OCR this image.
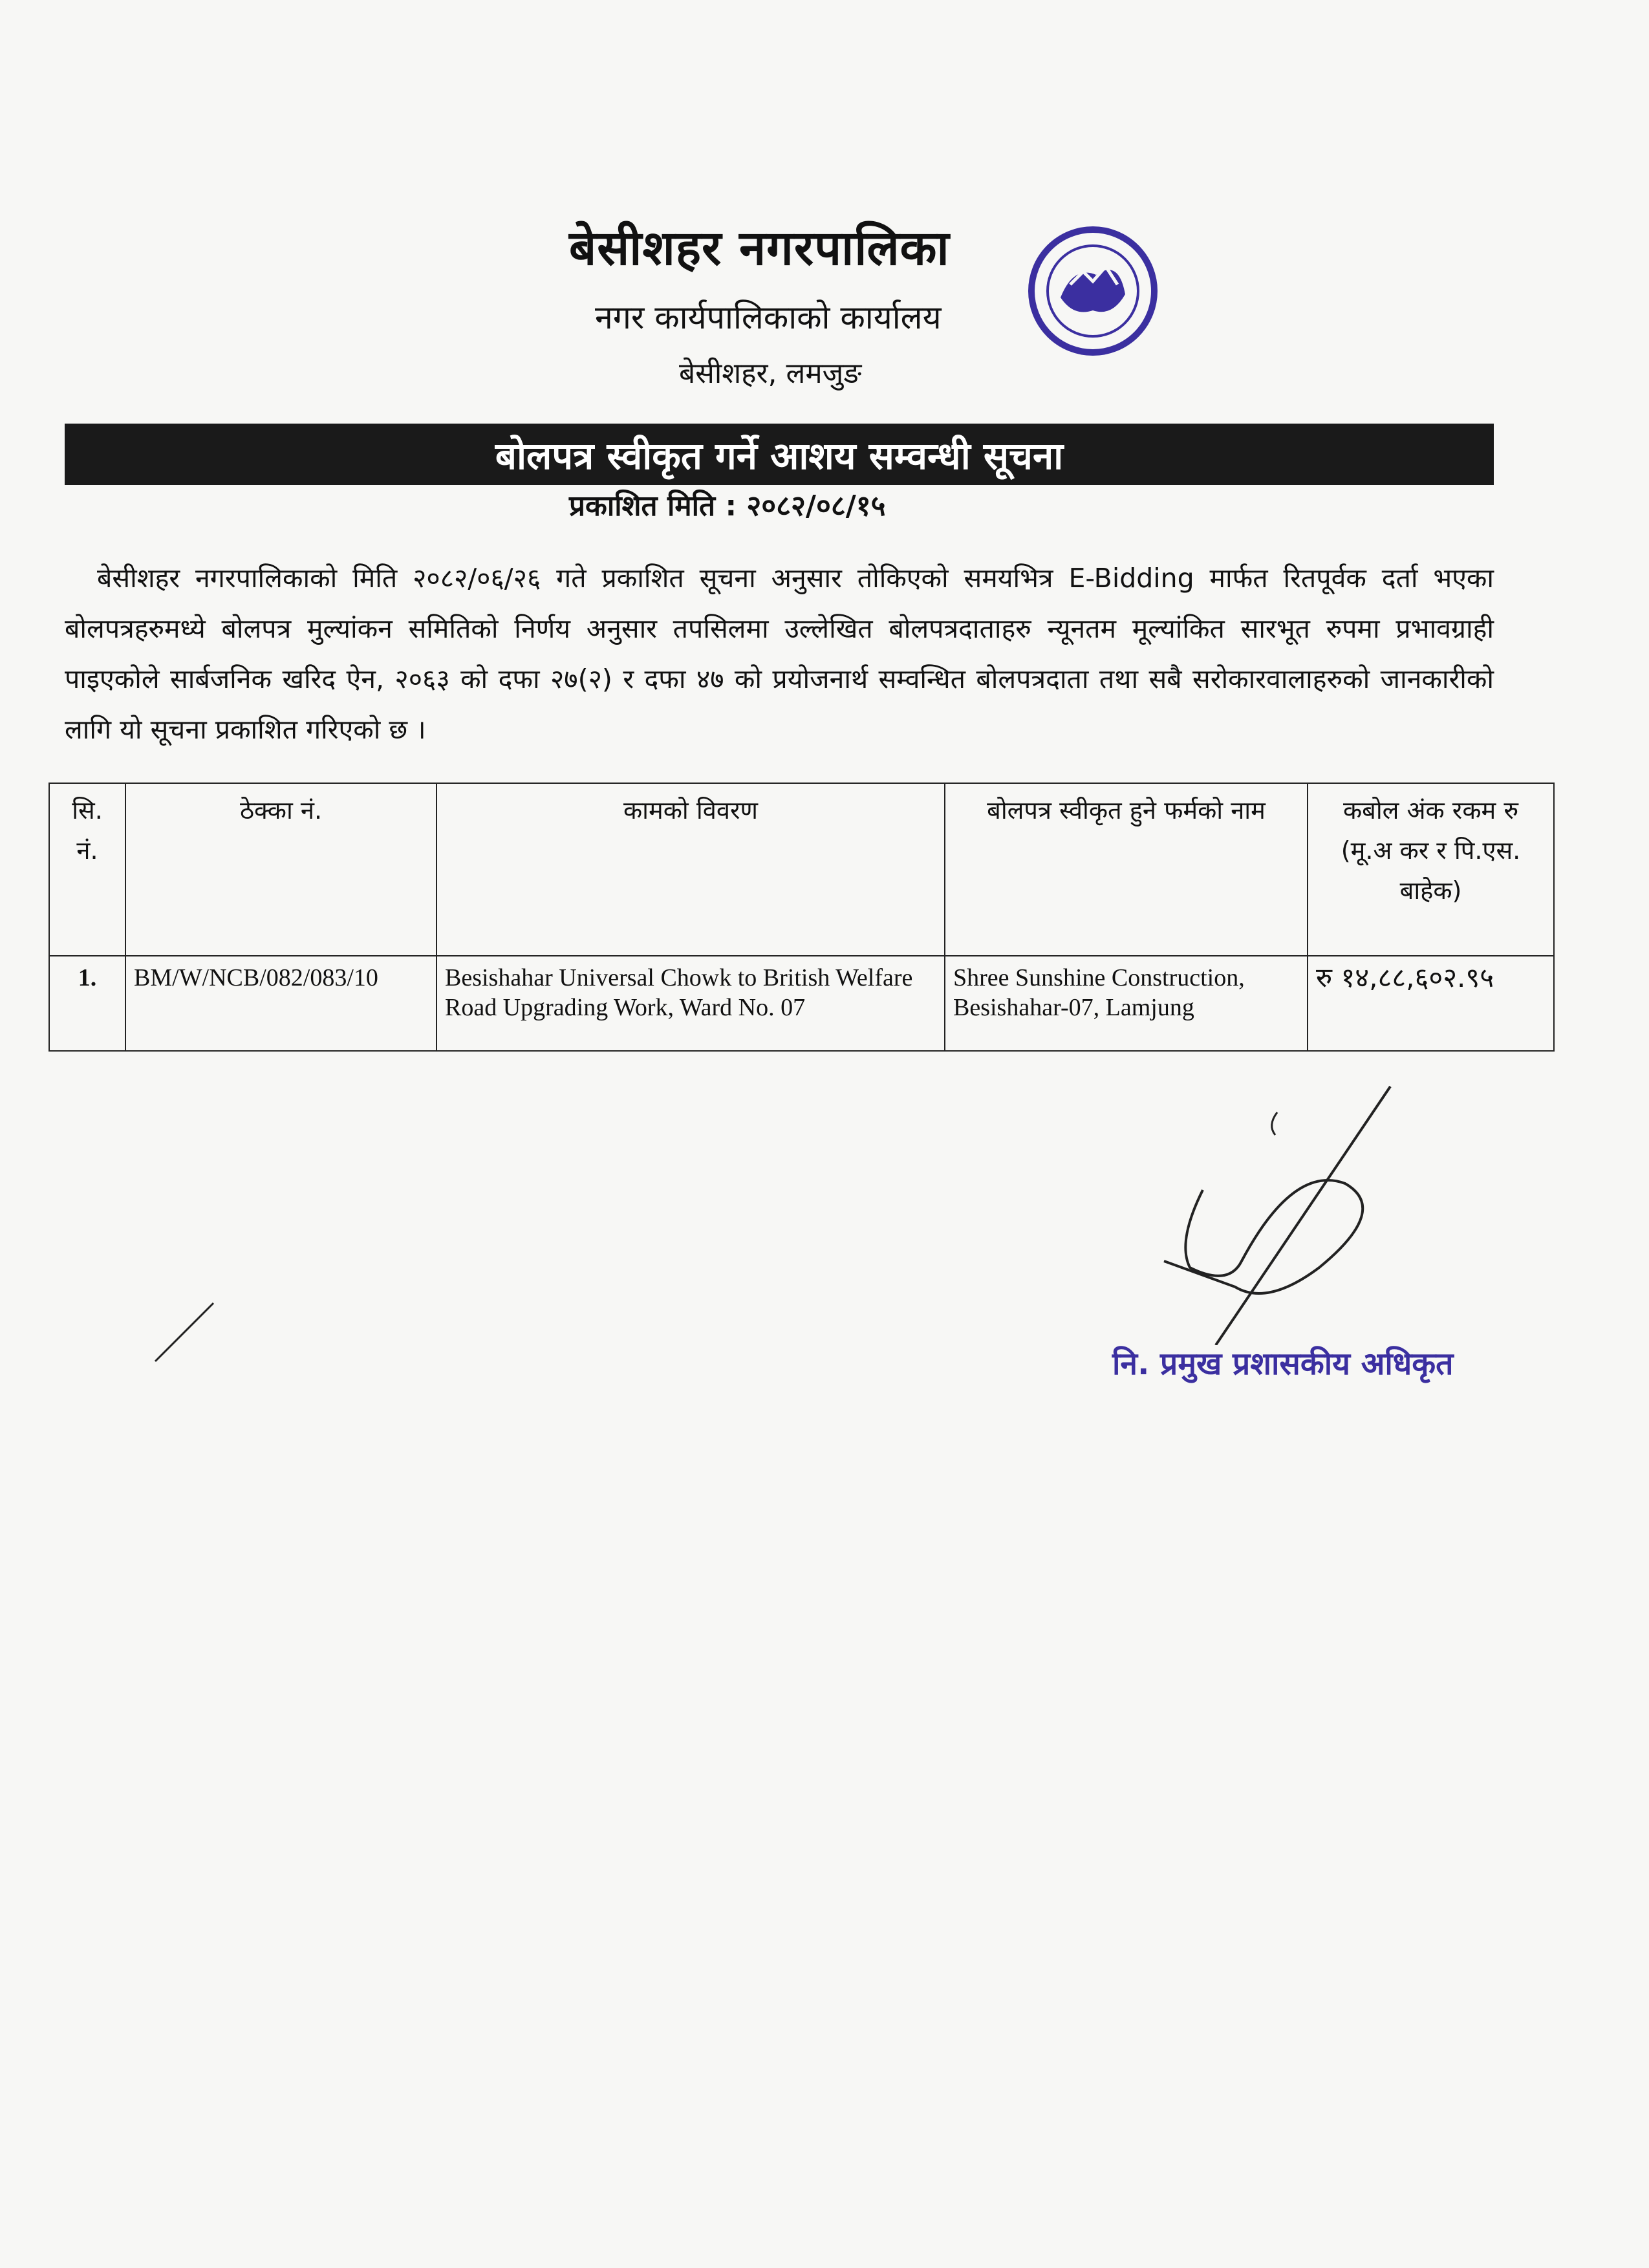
बेसीशहर नगरपालिका
नगर कार्यपालिकाको कार्यालय
बेसीशहर, लमजुङ
बोलपत्र स्वीकृत गर्ने आशय सम्वन्धी सूचना
प्रकाशित मिति : २०८२/०८/१५
बेसीशहर नगरपालिकाको मिति २०८२/०६/२६ गते प्रकाशित सूचना अनुसार तोकिएको समयभित्र E-Bidding मार्फत रितपूर्वक दर्ता भएका बोलपत्रहरुमध्ये बोलपत्र मुल्यांकन समितिको निर्णय अनुसार तपसिलमा उल्लेखित बोलपत्रदाताहरु न्यूनतम मूल्यांकित सारभूत रुपमा प्रभावग्राही पाइएकोले सार्बजनिक खरिद ऐन, २०६३ को दफा २७(२) र दफा ४७ को प्रयोजनार्थ सम्वन्धित बोलपत्रदाता तथा सबै सरोकारवालाहरुको जानकारीको लागि यो सूचना प्रकाशित गरिएको छ ।
सि. नं.	ठेक्का नं.	कामको विवरण	बोलपत्र स्वीकृत हुने फर्मको नाम	कबोल अंक रकम रु (मू.अ कर र पि.एस. बाहेक)
1.	BM/W/NCB/082/083/10	Besishahar Universal Chowk to British Welfare Road Upgrading Work, Ward No. 07	Shree Sunshine Construction, Besishahar-07, Lamjung	रु १४,८८,६०२.९५
नि. प्रमुख प्रशासकीय अधिकृत
